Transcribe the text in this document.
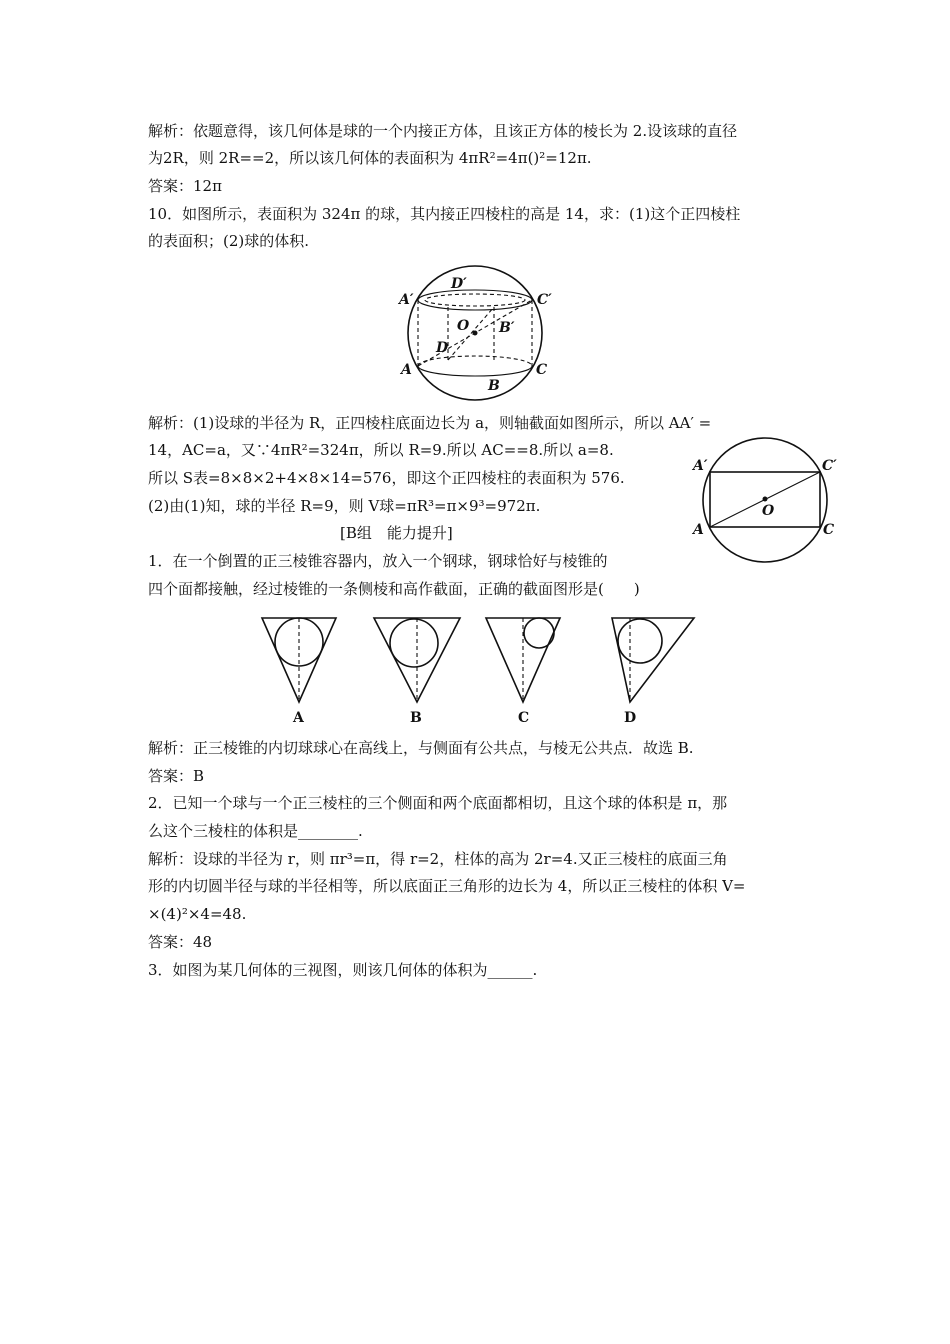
解析：依题意得，该几何体是球的一个内接正方体，且该正方体的棱长为 2.设该球的直径
为2R，则 2R==2，所以该几何体的表面积为 4πR²=4π()²=12π.
答案：12π
10．如图所示，表面积为 324π 的球，其内接正四棱柱的高是 14，求：(1)这个正四棱柱
的表面积；(2)球的体积.
解析：(1)设球的半径为 R，正四棱柱底面边长为 a，则轴截面如图所示，所以 AA′ =
14，AC=a，又∵4πR²=324π，所以 R=9.所以 AC==8.所以 a=8.
所以 S表=8×8×2+4×8×14=576，即这个正四棱柱的表面积为 576.
(2)由(1)知，球的半径 R=9，则 V球=πR³=π×9³=972π.
1．在一个倒置的正三棱锥容器内，放入一个钢球，钢球恰好与棱锥的
四个面都接触，经过棱锥的一条侧棱和高作截面，正确的截面图形是(　　)
解析：正三棱锥的内切球球心在高线上，与侧面有公共点，与棱无公共点．故选 B.
答案：B
2．已知一个球与一个正三棱柱的三个侧面和两个底面都相切，且这个球的体积是 π，那
么这个三棱柱的体积是________.
解析：设球的半径为 r，则 πr³=π，得 r=2，柱体的高为 2r=4.又正三棱柱的底面三角
形的内切圆半径与球的半径相等，所以底面正三角形的边长为 4，所以正三棱柱的体积 V=
×(4)²×4=48.
答案：48
3．如图为某几何体的三视图，则该几何体的体积为______.
[B组　能力提升]
A′	C′
D′
O B′
D
A
B
C
A′	C′
O
A	C
A	B	C	D
